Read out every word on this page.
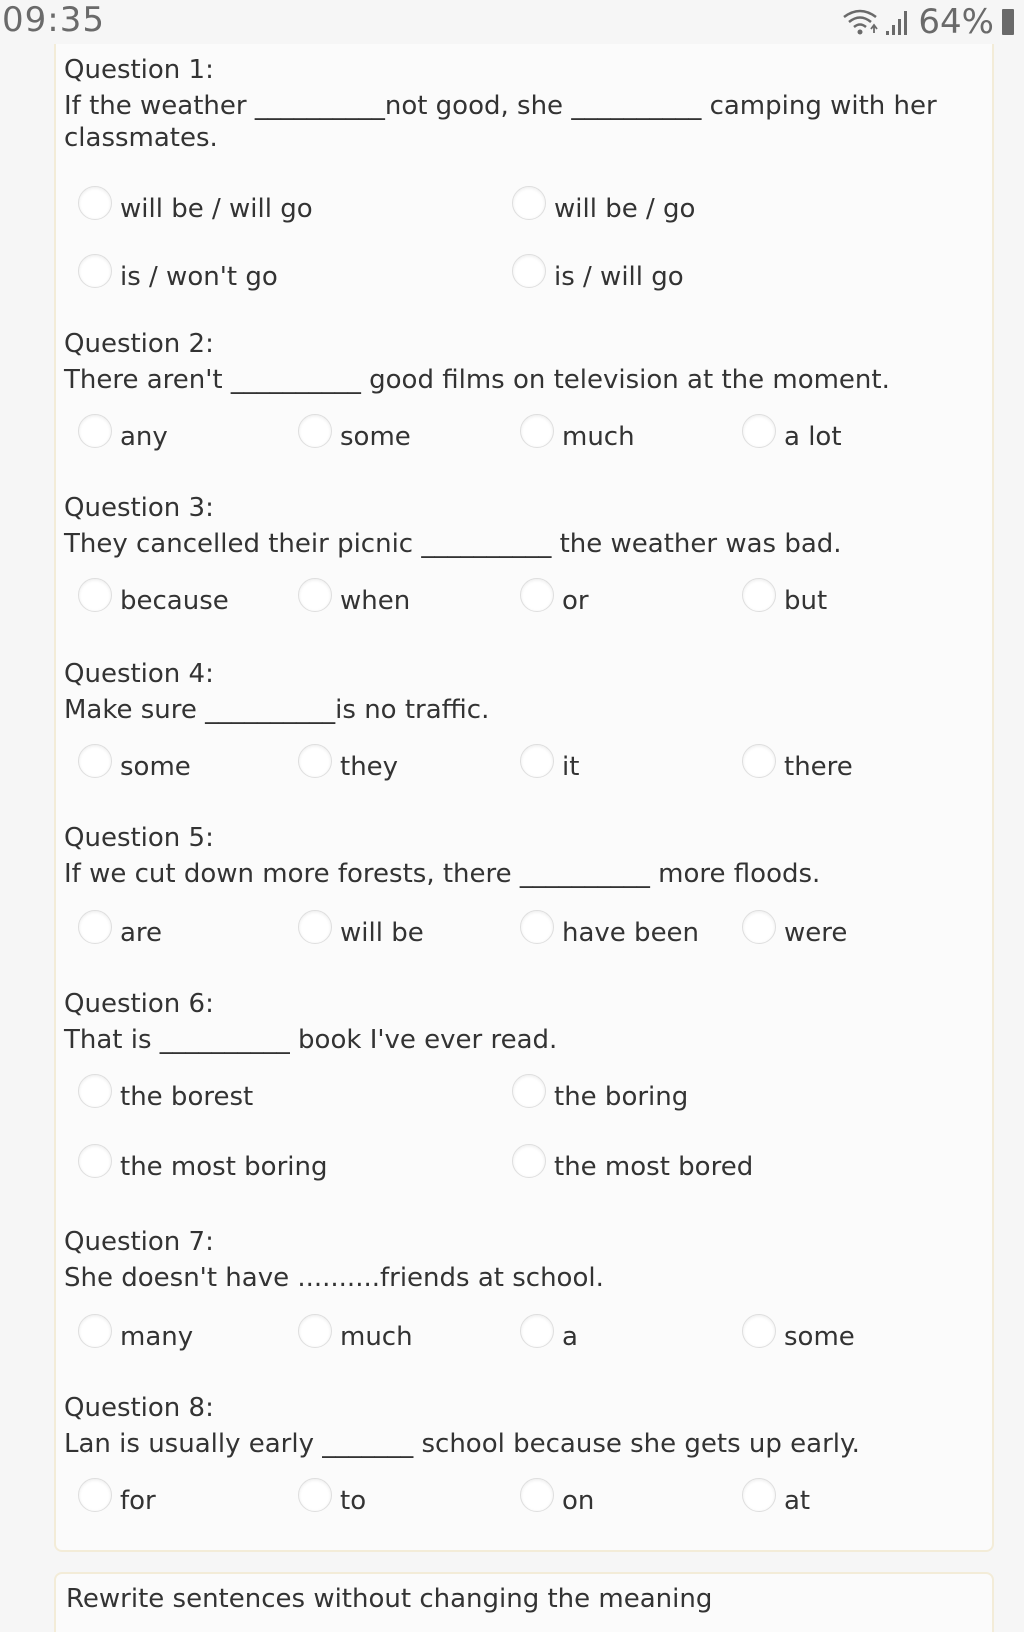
09:35	64%
Question 1:
If the weather __________not good, she __________ camping with her classmates.
will be / will go	will be / go
is / won't go	is / will go
Question 2:
There aren't __________ good films on television at the moment.
any	some	much	a lot
Question 3:
They cancelled their picnic __________ the weather was bad.
because	when	or	but
Question 4:
Make sure __________is no traffic.
some	they	it	there
Question 5:
If we cut down more forests, there __________ more floods.
are	will be	have been	were
Question 6:
That is __________ book I've ever read.
the borest	the boring
the most boring	the most bored
Question 7:
She doesn't have ..........friends at school.
many	much	a	some
Question 8:
Lan is usually early _______ school because she gets up early.
for	to	on	at
Rewrite sentences without changing the meaning
